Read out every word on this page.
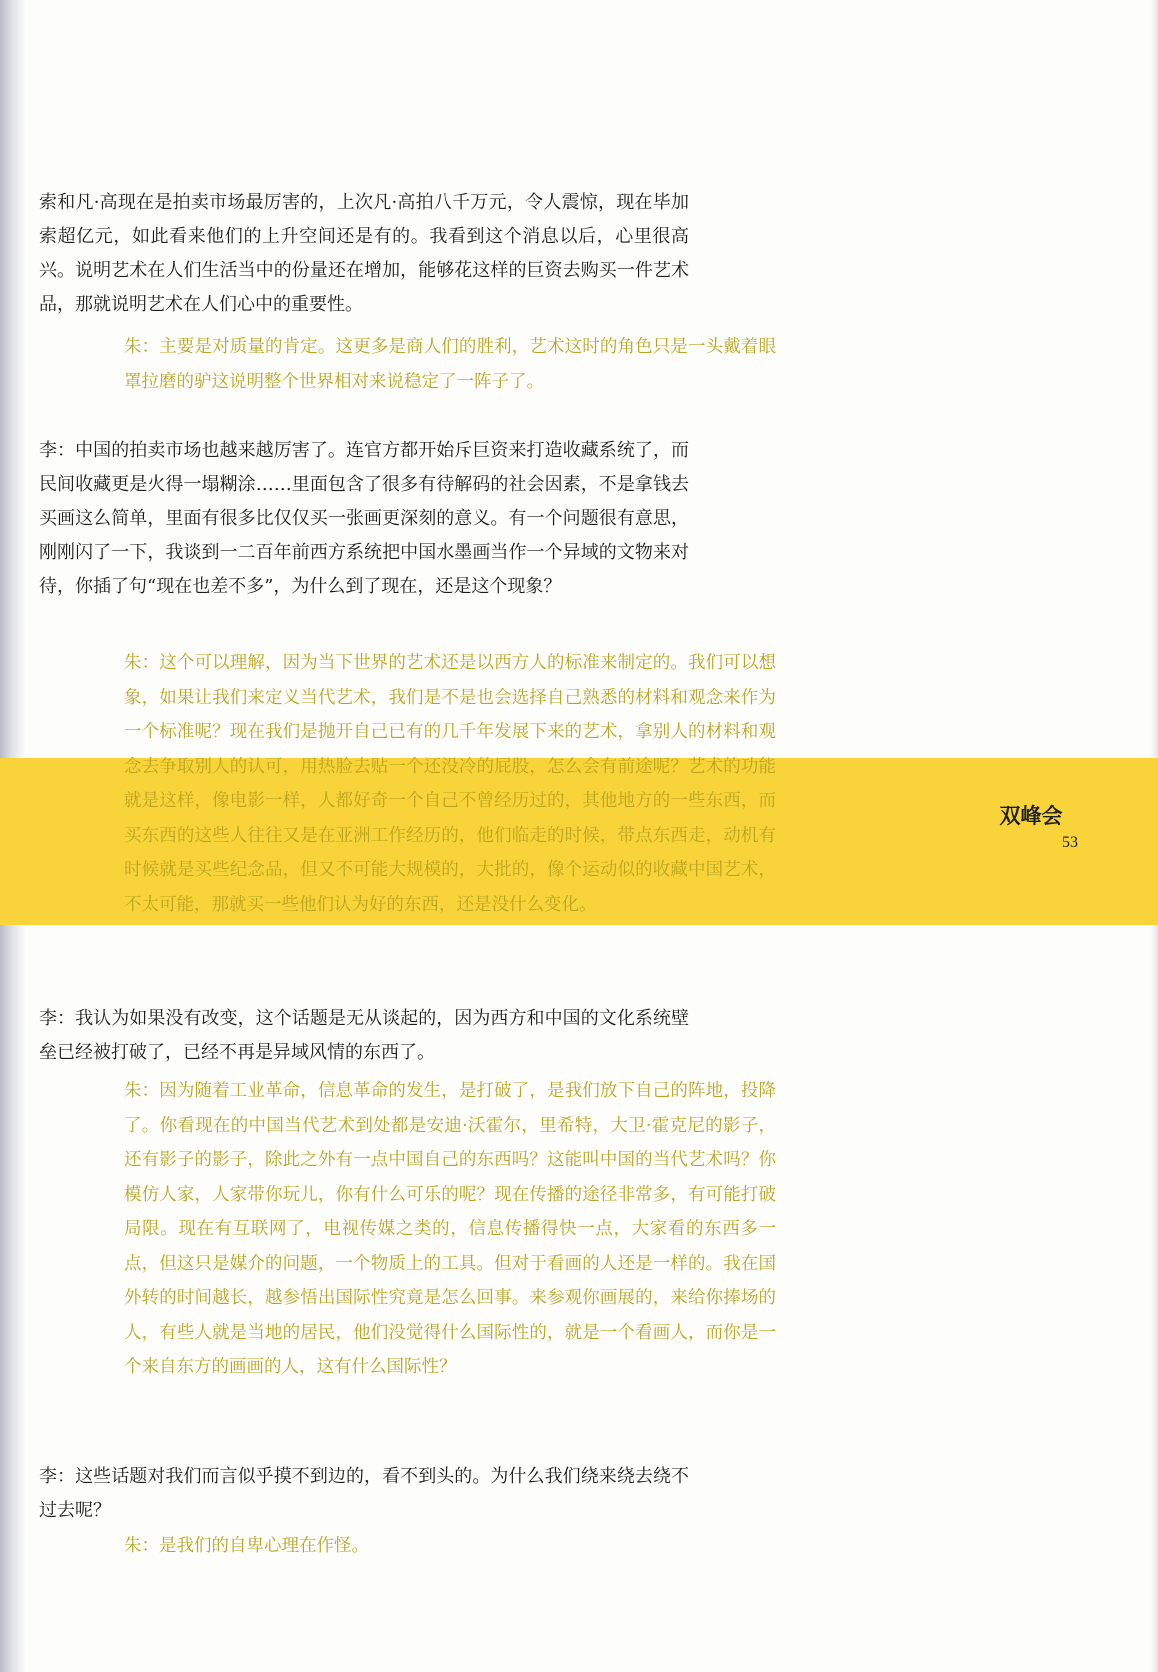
双峰会
53

索和凡·高现在是拍卖市场最厉害的，上次凡·高拍八千万元，令人震惊，现在毕加索超亿元，如此看来他们的上升空间还是有的。我看到这个消息以后，心里很高兴。说明艺术在人们生活当中的份量还在增加，能够花这样的巨资去购买一件艺术品，那就说明艺术在人们心中的重要性。

朱：主要是对质量的肯定。这更多是商人们的胜利，艺术这时的角色只是一头戴着眼罩拉磨的驴这说明整个世界相对来说稳定了一阵子了。

李：中国的拍卖市场也越来越厉害了。连官方都开始斥巨资来打造收藏系统了，而民间收藏更是火得一塌糊涂……里面包含了很多有待解码的社会因素，不是拿钱去买画这么简单，里面有很多比仅仅买一张画更深刻的意义。有一个问题很有意思，刚刚闪了一下，我谈到一二百年前西方系统把中国水墨画当作一个异域的文物来对待，你插了句“现在也差不多”，为什么到了现在，还是这个现象？

朱：这个可以理解，因为当下世界的艺术还是以西方人的标准来制定的。我们可以想象，如果让我们来定义当代艺术，我们是不是也会选择自己熟悉的材料和观念来作为一个标准呢？现在我们是抛开自己已有的几千年发展下来的艺术，拿别人的材料和观念去争取别人的认可，用热脸去贴一个还没冷的屁股，怎么会有前途呢？艺术的功能就是这样，像电影一样，人都好奇一个自己不曾经历过的，其他地方的一些东西，而买东西的这些人往往又是在亚洲工作经历的，他们临走的时候，带点东西走，动机有时候就是买些纪念品，但又不可能大规模的，大批的，像个运动似的收藏中国艺术，不太可能，那就买一些他们认为好的东西，还是没什么变化。

李：我认为如果没有改变，这个话题是无从谈起的，因为西方和中国的文化系统壁垒已经被打破了，已经不再是异域风情的东西了。

朱：因为随着工业革命，信息革命的发生，是打破了，是我们放下自己的阵地，投降了。你看现在的中国当代艺术到处都是安迪·沃霍尔，里希特，大卫·霍克尼的影子，还有影子的影子，除此之外有一点中国自己的东西吗？这能叫中国的当代艺术吗？你模仿人家，人家带你玩儿，你有什么可乐的呢？现在传播的途径非常多，有可能打破局限。现在有互联网了，电视传媒之类的，信息传播得快一点，大家看的东西多一点，但这只是媒介的问题，一个物质上的工具。但对于看画的人还是一样的。我在国外转的时间越长，越参悟出国际性究竟是怎么回事。来参观你画展的，来给你捧场的人，有些人就是当地的居民，他们没觉得什么国际性的，就是一个看画人，而你是一个来自东方的画画的人，这有什么国际性？

李：这些话题对我们而言似乎摸不到边的，看不到头的。为什么我们绕来绕去绕不过去呢？

朱：是我们的自卑心理在作怪。
